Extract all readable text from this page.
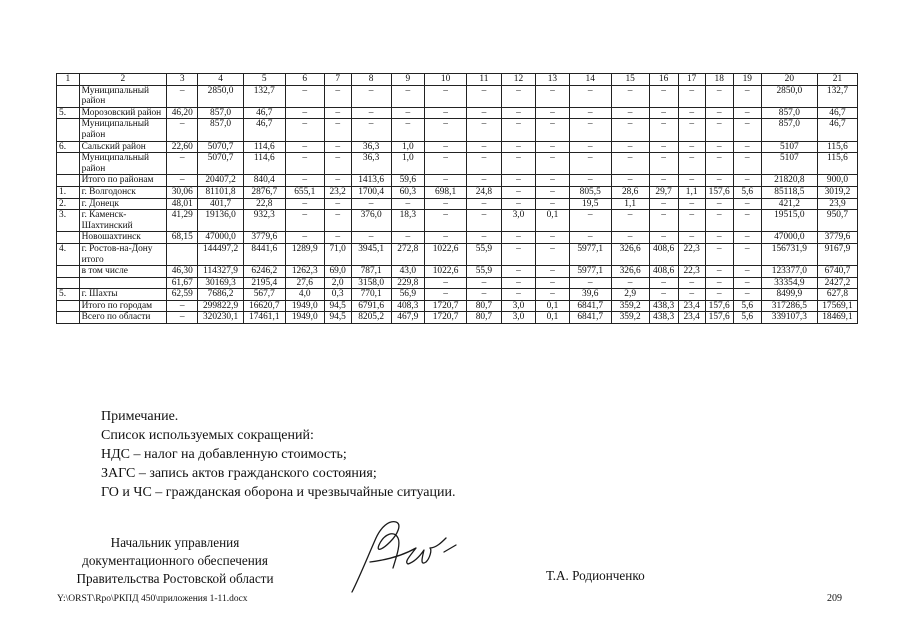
1	2	3	4	5	6	7	8	9	10	11	12	13	14	15	16	17	18	19	20	21
	Муниципальный район	–	2850,0	132,7	–	–	–	–	–	–	–	–	–	–	–	–	–	–	2850,0	132,7
5.	Морозовский район	46,20	857,0	46,7	–	–	–	–	–	–	–	–	–	–	–	–	–	–	857,0	46,7
	Муниципальный район	–	857,0	46,7	–	–	–	–	–	–	–	–	–	–	–	–	–	–	857,0	46,7
6.	Сальский район	22,60	5070,7	114,6	–	–	36,3	1,0	–	–	–	–	–	–	–	–	–	–	5107	115,6
	Муниципальный район	–	5070,7	114,6	–	–	36,3	1,0	–	–	–	–	–	–	–	–	–	–	5107	115,6
	Итого по районам	–	20407,2	840,4	–	–	1413,6	59,6	–	–	–	–	–	–	–	–	–	–	21820,8	900,0
1.	г. Волгодонск	30,06	81101,8	2876,7	655,1	23,2	1700,4	60,3	698,1	24,8	–	–	805,5	28,6	29,7	1,1	157,6	5,6	85118,5	3019,2
2.	г. Донецк	48,01	401,7	22,8	–	–	–	–	–	–	–	–	19,5	1,1	–	–	–	–	421,2	23,9
3.	г. Каменск-Шахтинский	41,29	19136,0	932,3	–	–	376,0	18,3	–	–	3,0	0,1	–	–	–	–	–	–	19515,0	950,7
	Новошахтинск	68,15	47000,0	3779,6	–	–	–	–	–	–	–	–	–	–	–	–	–	–	47000,0	3779,6
4.	г. Ростов-на-Дону итого		144497,2	8441,6	1289,9	71,0	3945,1	272,8	1022,6	55,9	–	–	5977,1	326,6	408,6	22,3	–	–	156731,9	9167,9
	в том числе	46,30	114327,9	6246,2	1262,3	69,0	787,1	43,0	1022,6	55,9	–	–	5977,1	326,6	408,6	22,3	–	–	123377,0	6740,7
		61,67	30169,3	2195,4	27,6	2,0	3158,0	229,8	–	–	–	–	–	–	–	–	–	–	33354,9	2427,2
5.	г. Шахты	62,59	7686,2	567,7	4,0	0,3	770,1	56,9	–	–	–	–	39,6	2,9	–	–	–	–	8499,9	627,8
	Итого по городам	–	299822,9	16620,7	1949,0	94,5	6791,6	408,3	1720,7	80,7	3,0	0,1	6841,7	359,2	438,3	23,4	157,6	5,6	317286,5	17569,1
	Всего по области	–	320230,1	17461,1	1949,0	94,5	8205,2	467,9	1720,7	80,7	3,0	0,1	6841,7	359,2	438,3	23,4	157,6	5,6	339107,3	18469,1
Примечание.
Список используемых сокращений:
НДС – налог на добавленную стоимость;
ЗАГС – запись актов гражданского состояния;
ГО и ЧС – гражданская оборона и чрезвычайные ситуации.
Начальник управления
документационного обеспечения
Правительства Ростовской области	Т.А. Родионченко
Y:\ORST\Rpo\РКПД 450\приложения 1-11.docx	209
